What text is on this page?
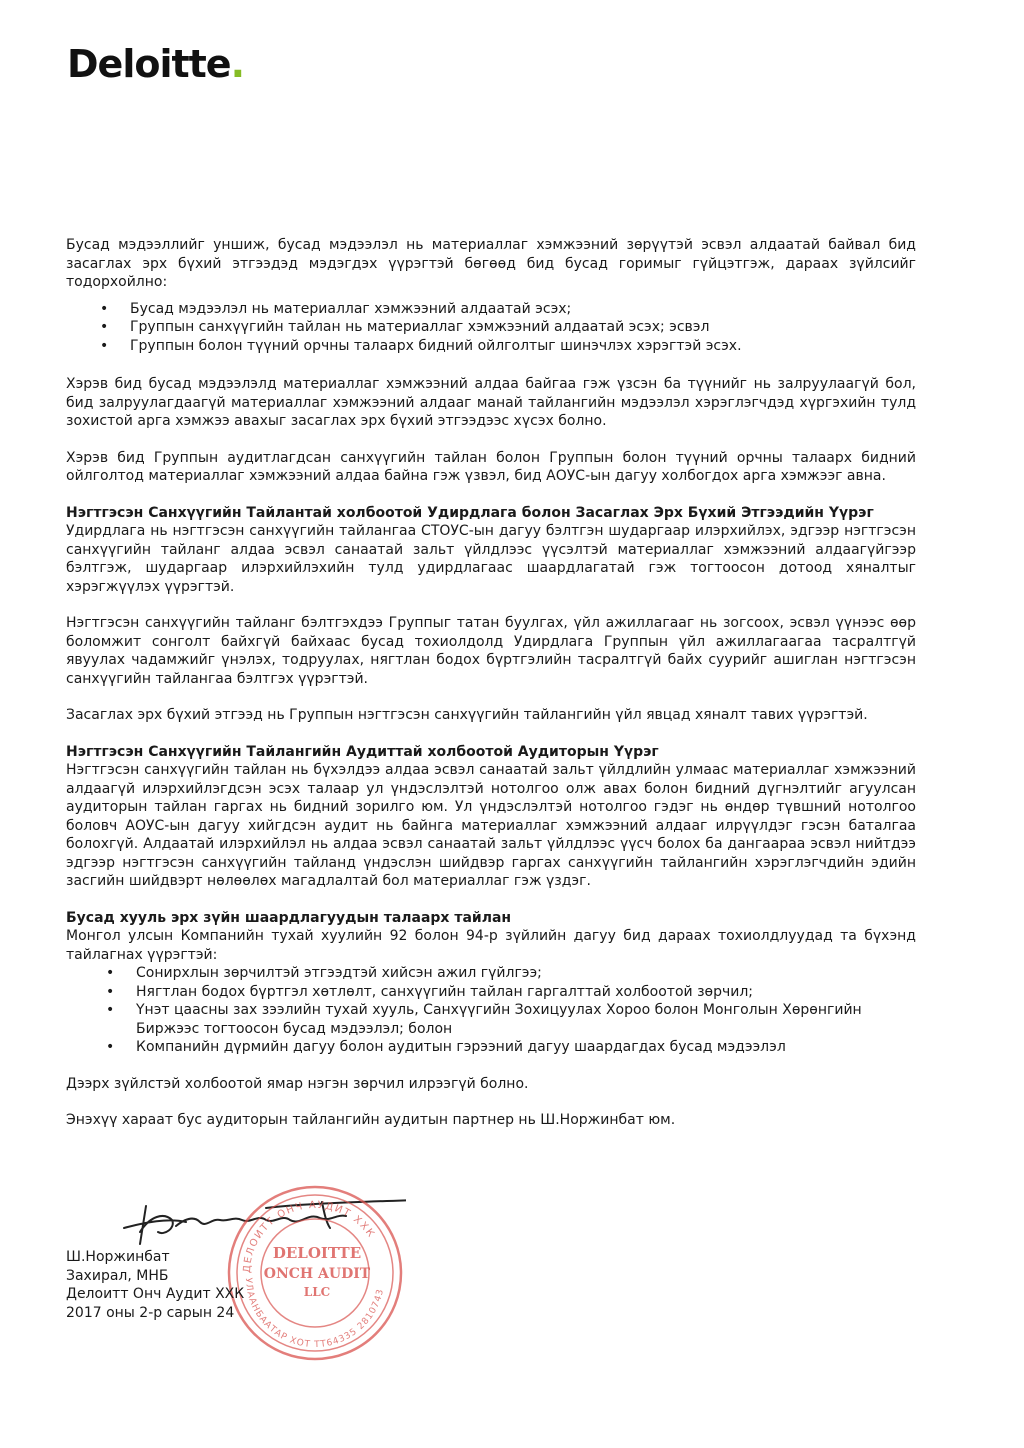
Deloitte.

Бусад мэдээллийг уншиж, бусад мэдээлэл нь материаллаг хэмжээний зөрүүтэй эсвэл алдаатай байвал бид засаглах эрх бүхий этгээдэд мэдэгдэх үүрэгтэй бөгөөд бид бусад горимыг гүйцэтгэж, дараах зүйлсийг тодорхойлно:

• Бусад мэдээлэл нь материаллаг хэмжээний алдаатай эсэх;
• Группын санхүүгийн тайлан нь материаллаг хэмжээний алдаатай эсэх; эсвэл
• Группын болон түүний орчны талаарх бидний ойлголтыг шинэчлэх хэрэгтэй эсэх.

Хэрэв бид бусад мэдээлэлд материаллаг хэмжээний алдаа байгаа гэж үзсэн ба түүнийг нь залруулаагүй бол, бид залруулагдаагүй материаллаг хэмжээний алдааг манай тайлангийн мэдээлэл хэрэглэгчдэд хүргэхийн тулд зохистой арга хэмжээ авахыг засаглах эрх бүхий этгээдээс хүсэх болно.

Хэрэв бид Группын аудитлагдсан санхүүгийн тайлан болон Группын болон түүний орчны талаарх бидний ойлголтод материаллаг хэмжээний алдаа байна гэж үзвэл, бид АОУС-ын дагуу холбогдох арга хэмжээг авна.

Нэгтгэсэн Санхүүгийн Тайлантай холбоотой Удирдлага болон Засаглах Эрх Бүхий Этгээдийн Үүрэг

Удирдлага нь нэгтгэсэн санхүүгийн тайлангаа СТОУС-ын дагуу бэлтгэн шударгаар илэрхийлэх, эдгээр нэгтгэсэн санхүүгийн тайланг алдаа эсвэл санаатай зальт үйлдлээс үүсэлтэй материаллаг хэмжээний алдаагүйгээр бэлтгэж, шударгаар илэрхийлэхийн тулд удирдлагаас шаардлагатай гэж тогтоосон дотоод хяналтыг хэрэгжүүлэх үүрэгтэй.

Нэгтгэсэн санхүүгийн тайланг бэлтгэхдээ Группыг татан буулгах, үйл ажиллагааг нь зогсоох, эсвэл үүнээс өөр боломжит сонголт байхгүй байхаас бусад тохиолдолд Удирдлага Группын үйл ажиллагаагаа тасралтгүй явуулах чадамжийг үнэлэх, тодруулах, нягтлан бодох бүртгэлийн тасралтгүй байх суурийг ашиглан нэгтгэсэн санхүүгийн тайлангаа бэлтгэх үүрэгтэй.

Засаглах эрх бүхий этгээд нь Группын нэгтгэсэн санхүүгийн тайлангийн үйл явцад хяналт тавих үүрэгтэй.

Нэгтгэсэн Санхүүгийн Тайлангийн Аудиттай холбоотой Аудиторын Үүрэг

Нэгтгэсэн санхүүгийн тайлан нь бүхэлдээ алдаа эсвэл санаатай зальт үйлдлийн улмаас материаллаг хэмжээний алдаагүй илэрхийлэгдсэн эсэх талаар ул үндэслэлтэй нотолгоо олж авах болон бидний дүгнэлтийг агуулсан аудиторын тайлан гаргах нь бидний зорилго юм. Ул үндэслэлтэй нотолгоо гэдэг нь өндөр түвшний нотолгоо боловч АОУС-ын дагуу хийгдсэн аудит нь байнга материаллаг хэмжээний алдааг илрүүлдэг гэсэн баталгаа болохгүй. Алдаатай илэрхийлэл нь алдаа эсвэл санаатай зальт үйлдлээс үүсч болох ба дангаараа эсвэл нийтдээ эдгээр нэгтгэсэн санхүүгийн тайланд үндэслэн шийдвэр гаргах санхүүгийн тайлангийн хэрэглэгчдийн эдийн засгийн шийдвэрт нөлөөлөх магадлалтай бол материаллаг гэж үздэг.

Бусад хууль эрх зүйн шаардлагуудын талаарх тайлан

Монгол улсын Компанийн тухай хуулийн 92 болон 94-р зүйлийн дагуу бид дараах тохиолдлуудад та бүхэнд тайлагнах үүрэгтэй:

• Сонирхлын зөрчилтэй этгээдтэй хийсэн ажил гүйлгээ;
• Нягтлан бодох бүртгэл хөтлөлт, санхүүгийн тайлан гаргалттай холбоотой зөрчил;
• Үнэт цаасны зах зээлийн тухай хууль, Санхүүгийн Зохицуулах Хороо болон Монголын Хөрөнгийн Биржээс тогтоосон бусад мэдээлэл; болон
• Компанийн дүрмийн дагуу болон аудитын гэрээний дагуу шаардагдах бусад мэдээлэл

Дээрх зүйлстэй холбоотой ямар нэгэн зөрчил илрээгүй болно.

Энэхүү хараат бус аудиторын тайлангийн аудитын партнер нь Ш.Норжинбат юм.

ДЕЛОИТТ ОНЧ АУДИТ ХХК
УЛААНБААТАР ХОТ ТТ64335 2810743
DELOITTE
ONCH AUDIT
LLC
Ш.Норжинбат
Захирал, МНБ
Делоитт Онч Аудит ХХК
2017 оны 2-р сарын 24
